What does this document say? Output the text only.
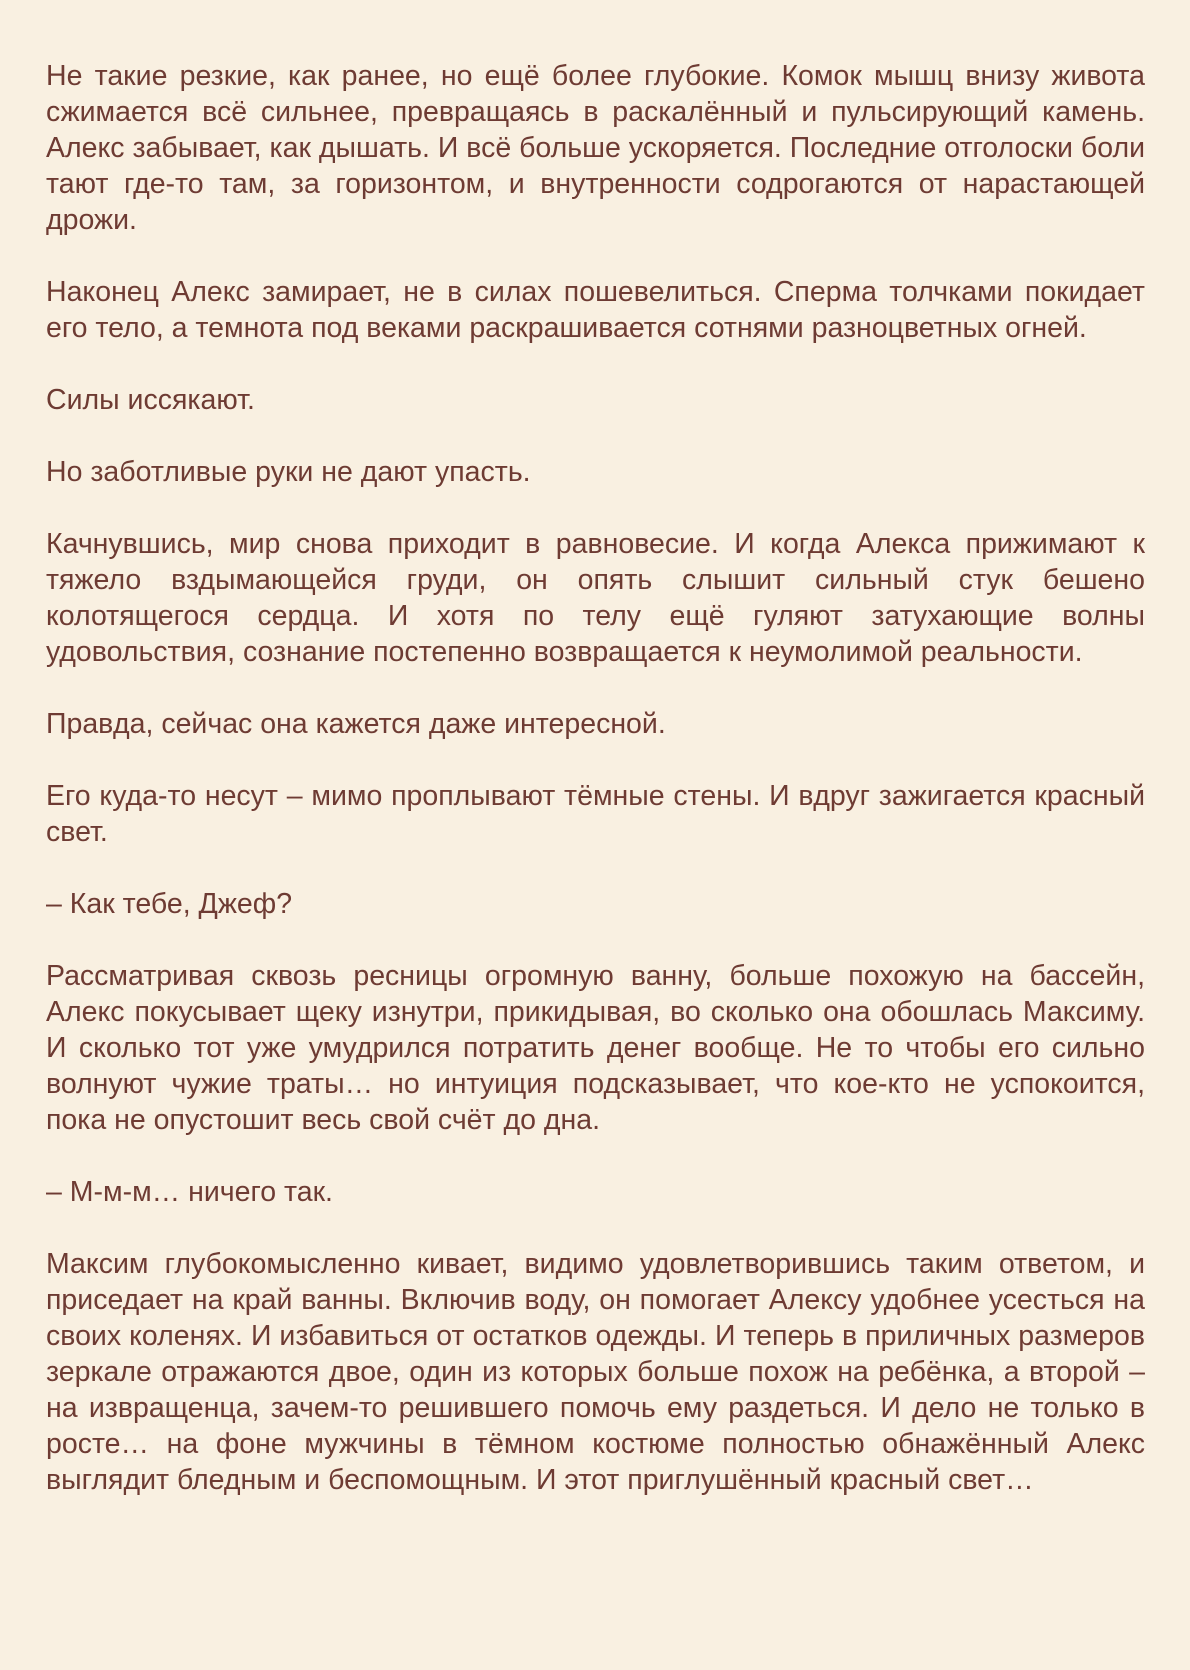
Не такие резкие, как ранее, но ещё более глубокие. Комок мышц внизу живота сжимается всё сильнее, превращаясь в раскалённый и пульсирующий камень. Алекс забывает, как дышать. И всё больше ускоряется. Последние отголоски боли тают где-то там, за горизонтом, и внутренности содрогаются от нарастающей дрожи.

Наконец Алекс замирает, не в силах пошевелиться. Сперма толчками покидает его тело, а темнота под веками раскрашивается сотнями разноцветных огней.

Силы иссякают.

Но заботливые руки не дают упасть.

Качнувшись, мир снова приходит в равновесие. И когда Алекса прижимают к тяжело вздымающейся груди, он опять слышит сильный стук бешено колотящегося сердца. И хотя по телу ещё гуляют затухающие волны удовольствия, сознание постепенно возвращается к неумолимой реальности.

Правда, сейчас она кажется даже интересной.

Его куда-то несут – мимо проплывают тёмные стены. И вдруг зажигается красный свет.

– Как тебе, Джеф?

Рассматривая сквозь ресницы огромную ванну, больше похожую на бассейн, Алекс покусывает щеку изнутри, прикидывая, во сколько она обошлась Максиму. И сколько тот уже умудрился потратить денег вообще. Не то чтобы его сильно волнуют чужие траты… но интуиция подсказывает, что кое-кто не успокоится, пока не опустошит весь свой счёт до дна.

– М-м-м… ничего так.

Максим глубокомысленно кивает, видимо удовлетворившись таким ответом, и приседает на край ванны. Включив воду, он помогает Алексу удобнее усесться на своих коленях. И избавиться от остатков одежды. И теперь в приличных размеров зеркале отражаются двое, один из которых больше похож на ребёнка, а второй – на извращенца, зачем-то решившего помочь ему раздеться. И дело не только в росте… на фоне мужчины в тёмном костюме полностью обнажённый Алекс выглядит бледным и беспомощным. И этот приглушённый красный свет…
